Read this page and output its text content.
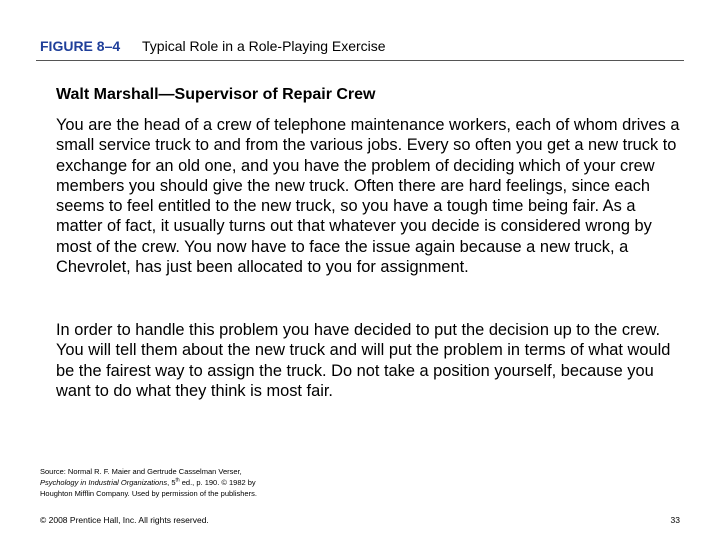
FIGURE 8–4 Typical Role in a Role-Playing Exercise
Walt Marshall—Supervisor of Repair Crew

You are the head of a crew of telephone maintenance workers, each of whom drives a small service truck to and from the various jobs. Every so often you get a new truck to exchange for an old one, and you have the problem of deciding which of your crew members you should give the new truck. Often there are hard feelings, since each seems to feel entitled to the new truck, so you have a tough time being fair. As a matter of fact, it usually turns out that whatever you decide is considered wrong by most of the crew. You now have to face the issue again because a new truck, a Chevrolet, has just been allocated to you for assignment.

In order to handle this problem you have decided to put the decision up to the crew. You will tell them about the new truck and will put the problem in terms of what would be the fairest way to assign the truck. Do not take a position yourself, because you want to do what they think is most fair.

Source: Normal R. F. Maier and Gertrude Casselman Verser,
Psychology in Industrial Organizations, 5th ed., p. 190. © 1982 by
Houghton Mifflin Company. Used by permission of the publishers.
© 2008 Prentice Hall, Inc. All rights reserved.	33
